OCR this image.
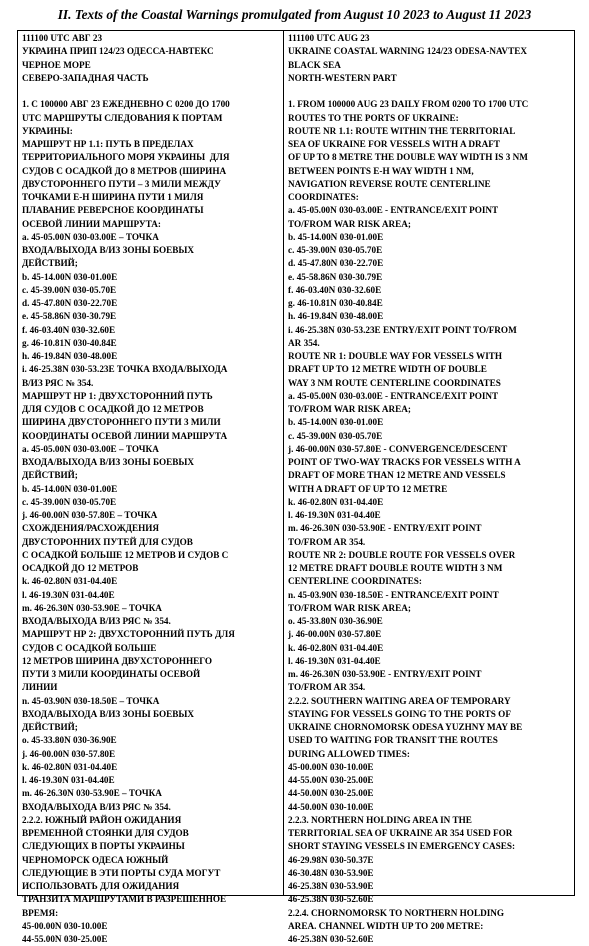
II. Texts of the Coastal Warnings promulgated from August 10 2023 to August 11 2023
111100 UTC АВГ 23
УКРАИНА ПРИП 124/23 ОДЕССА-НАВТЕКС
ЧЕРНОЕ МОРЕ
СЕВЕРО-ЗАПАДНАЯ ЧАСТЬ
1. С 100000 АВГ 23 ЕЖЕДНЕВНО С 0200 ДО 1700
UTC МАРШРУТЫ СЛЕДОВАНИЯ К ПОРТАМ
УКРАИНЫ:
МАРШРУТ НР 1.1: ПУТЬ В ПРЕДЕЛАХ
ТЕРРИТОРИАЛЬНОГО МОРЯ УКРАИНЫ  ДЛЯ
СУДОВ С ОСАДКОЙ ДО 8 МЕТРОВ (ШИРИНА
ДВУСТОРОННЕГО ПУТИ – 3 МИЛИ МЕЖДУ
ТОЧКАМИ Е-Н ШИРИНА ПУТИ 1 МИЛЯ
ПЛАВАНИЕ РЕВЕРСНОЕ КООРДИНАТЫ
ОСЕВОЙ ЛИНИИ МАРШРУТА:
a. 45-05.00N 030-03.00E – ТОЧКА
ВХОДА/ВЫХОДА В/ИЗ ЗОНЫ БОЕВЫХ
ДЕЙСТВИЙ;
b. 45-14.00N 030-01.00E
c. 45-39.00N 030-05.70E
d. 45-47.80N 030-22.70E
e. 45-58.86N 030-30.79E
f. 46-03.40N 030-32.60E
g. 46-10.81N 030-40.84E
h. 46-19.84N 030-48.00E
i. 46-25.38N 030-53.23E ТОЧКА ВХОДА/ВЫХОДА
В/ИЗ РЯС № 354.
МАРШРУТ НР 1: ДВУХСТОРОННИЙ ПУТЬ
ДЛЯ СУДОВ С ОСАДКОЙ ДО 12 МЕТРОВ
ШИРИНА ДВУСТОРОННЕГО ПУТИ 3 МИЛИ
КООРДИНАТЫ ОСЕВОЙ ЛИНИИ МАРШРУТА
a. 45-05.00N 030-03.00E – ТОЧКА
ВХОДА/ВЫХОДА В/ИЗ ЗОНЫ БОЕВЫХ
ДЕЙСТВИЙ;
b. 45-14.00N 030-01.00E
c. 45-39.00N 030-05.70E
j. 46-00.00N 030-57.80E – ТОЧКА
СХОЖДЕНИЯ/РАСХОЖДЕНИЯ
ДВУСТОРОННИХ ПУТЕЙ ДЛЯ СУДОВ
С ОСАДКОЙ БОЛЬШЕ 12 МЕТРОВ И СУДОВ С
ОСАДКОЙ ДО 12 МЕТРОВ
k. 46-02.80N 031-04.40E
l. 46-19.30N 031-04.40E
m. 46-26.30N 030-53.90E – ТОЧКА
ВХОДА/ВЫХОДА В/ИЗ РЯС № 354.
МАРШРУТ НР 2: ДВУХСТОРОННИЙ ПУТЬ ДЛЯ
СУДОВ С ОСАДКОЙ БОЛЬШЕ
12 МЕТРОВ ШИРИНА ДВУХСТОРОННЕГО
ПУТИ 3 МИЛИ КООРДИНАТЫ ОСЕВОЙ
ЛИНИИ
n. 45-03.90N 030-18.50E – ТОЧКА
ВХОДА/ВЫХОДА В/ИЗ ЗОНЫ БОЕВЫХ
ДЕЙСТВИЙ;
o. 45-33.80N 030-36.90E
j. 46-00.00N 030-57.80E
k. 46-02.80N 031-04.40E
l. 46-19.30N 031-04.40E
m. 46-26.30N 030-53.90E – ТОЧКА
ВХОДА/ВЫХОДА В/ИЗ РЯС № 354.
2.2.2. ЮЖНЫЙ РАЙОН ОЖИДАНИЯ
ВРЕМЕННОЙ СТОЯНКИ ДЛЯ СУДОВ
СЛЕДУЮЩИХ В ПОРТЫ УКРАИНЫ
ЧЕРНОМОРСК ОДЕСА ЮЖНЫЙ
СЛЕДУЮЩИЕ В ЭТИ ПОРТЫ СУДА МОГУТ
ИСПОЛЬЗОВАТЬ ДЛЯ ОЖИДАНИЯ
ТРАНЗИТА МАРШРУТАМИ В РАЗРЕШЕННОЕ
ВРЕМЯ:
45-00.00N 030-10.00E
44-55.00N 030-25.00E
111100 UTC AUG 23
UKRAINE COASTAL WARNING 124/23 ODESA-NAVTEX
BLACK SEA
NORTH-WESTERN PART
1. FROM 100000 AUG 23 DAILY FROM 0200 TO 1700 UTC
ROUTES TO THE PORTS OF UKRAINE:
ROUTE NR 1.1: ROUTE WITHIN THE TERRITORIAL
SEA OF UKRAINE FOR VESSELS WITH A DRAFT
OF UP TO 8 METRE THE DOUBLE WAY WIDTH IS 3 NM
BETWEEN POINTS E-H WAY WIDTH 1 NM,
NAVIGATION REVERSE ROUTE CENTERLINE
COORDINATES:
a. 45-05.00N 030-03.00E - ENTRANCE/EXIT POINT
TO/FROM WAR RISK AREA;
b. 45-14.00N 030-01.00E
c. 45-39.00N 030-05.70E
d. 45-47.80N 030-22.70E
e. 45-58.86N 030-30.79E
f. 46-03.40N 030-32.60E
g. 46-10.81N 030-40.84E
h. 46-19.84N 030-48.00E
i. 46-25.38N 030-53.23E ENTRY/EXIT POINT TO/FROM
AR 354.
ROUTE NR 1: DOUBLE WAY FOR VESSELS WITH
DRAFT UP TO 12 METRE WIDTH OF DOUBLE
WAY 3 NM ROUTE CENTERLINE COORDINATES
a. 45-05.00N 030-03.00E - ENTRANCE/EXIT POINT
TO/FROM WAR RISK AREA;
b. 45-14.00N 030-01.00E
c. 45-39.00N 030-05.70E
j. 46-00.00N 030-57.80E - CONVERGENCE/DESCENT
POINT OF TWO-WAY TRACKS FOR VESSELS WITH A
DRAFT OF MORE THAN 12 METRE AND VESSELS
WITH A DRAFT OF UP TO 12 METRE
k. 46-02.80N 031-04.40E
l. 46-19.30N 031-04.40E
m. 46-26.30N 030-53.90E - ENTRY/EXIT POINT
TO/FROM AR 354.
ROUTE NR 2: DOUBLE ROUTE FOR VESSELS OVER
12 METRE DRAFT DOUBLE ROUTE WIDTH 3 NM
CENTERLINE COORDINATES:
n. 45-03.90N 030-18.50E - ENTRANCE/EXIT POINT
TO/FROM WAR RISK AREA;
o. 45-33.80N 030-36.90E
j. 46-00.00N 030-57.80E
k. 46-02.80N 031-04.40E
l. 46-19.30N 031-04.40E
m. 46-26.30N 030-53.90E - ENTRY/EXIT POINT
TO/FROM AR 354.
2.2.2. SOUTHERN WAITING AREA OF TEMPORARY
STAYING FOR VESSELS GOING TO THE PORTS OF
UKRAINE CHORNOMORSK ODESA YUZHNY MAY BE
USED TO WAITING FOR TRANSIT THE ROUTES
DURING ALLOWED TIMES:
45-00.00N 030-10.00E
44-55.00N 030-25.00E
44-50.00N 030-25.00E
44-50.00N 030-10.00E
2.2.3. NORTHERN HOLDING AREA IN THE
TERRITORIAL SEA OF UKRAINE AR 354 USED FOR
SHORT STAYING VESSELS IN EMERGENCY CASES:
46-29.98N 030-50.37E
46-30.48N 030-53.90E
46-25.38N 030-53.90E
46-25.38N 030-52.60E
2.2.4. CHORNOMORSK TO NORTHERN HOLDING
AREA. CHANNEL WIDTH UP TO 200 METRE:
46-25.38N 030-52.60E
